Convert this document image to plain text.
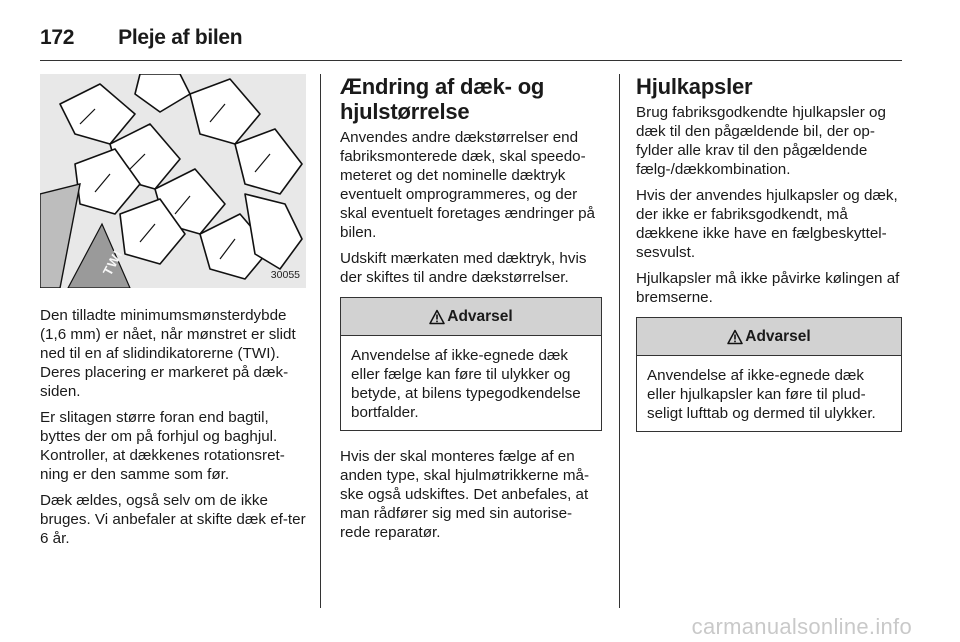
172 Pleje af bilen
TWI	30055

Den tilladte minimumsmønsterdybde (1,6 mm) er nået, når mønstret er slidt ned til en af slidindikatorerne (TWI). Deres placering er markeret på dæk-siden.

Er slitagen større foran end bagtil, byttes der om på forhjul og baghjul. Kontroller, at dækkenes rotationsret-ning er den samme som før.

Dæk ældes, også selv om de ikke bruges. Vi anbefaler at skifte dæk ef-ter 6 år.

Ændring af dæk- og hjulstørrelse

Anvendes andre dækstørrelser end fabriksmonterede dæk, skal speedo-meteret og det nominelle dæktryk eventuelt omprogrammeres, og der skal eventuelt foretages ændringer på bilen.

Udskift mærkaten med dæktryk, hvis der skiftes til andre dækstørrelser.

Advarsel
Anvendelse af ikke-egnede dæk eller fælge kan føre til ulykker og betyde, at bilens typegodkendelse bortfalder.

Hvis der skal monteres fælge af en anden type, skal hjulmøtrikkerne må-ske også udskiftes. Det anbefales, at man rådfører sig med sin autorise-rede reparatør.

Hjulkapsler

Brug fabriksgodkendte hjulkapsler og dæk til den pågældende bil, der op-fylder alle krav til den pågældende fælg-/dækkombination.

Hvis der anvendes hjulkapsler og dæk, der ikke er fabriksgodkendt, må dækkene ikke have en fælgbeskyttel-sesvulst.

Hjulkapsler må ikke påvirke kølingen af bremserne.

Advarsel
Anvendelse af ikke-egnede dæk eller hjulkapsler kan føre til plud-seligt lufttab og dermed til ulykker.
carmanualsonline.info
